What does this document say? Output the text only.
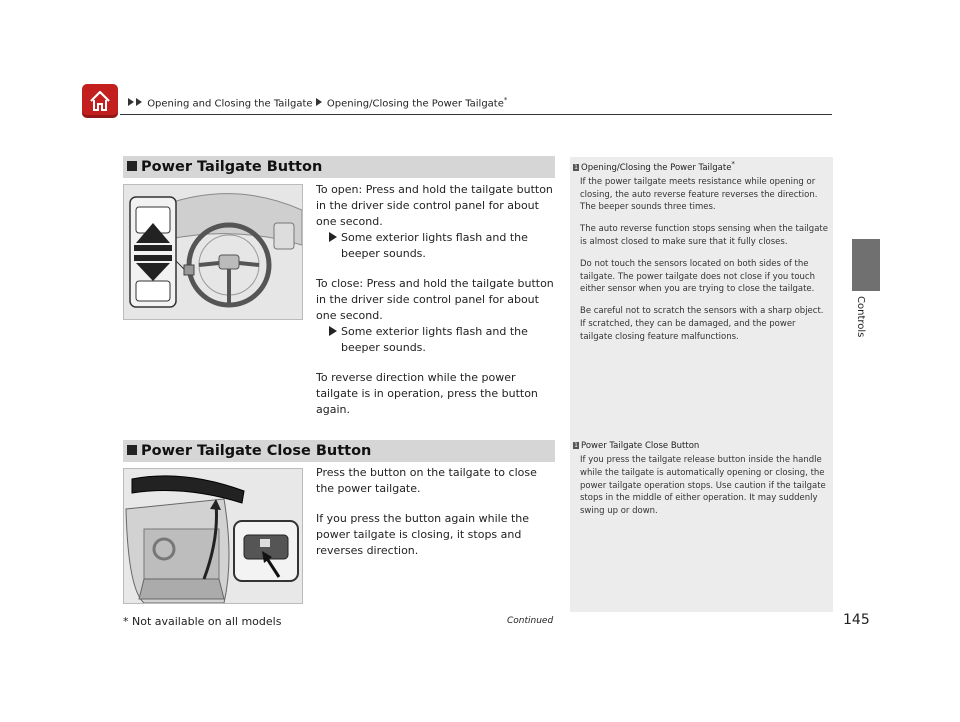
Opening and Closing the Tailgate Opening/Closing the Power Tailgate*
Controls
Power Tailgate Button
To open: Press and hold the tailgate button in the driver side control panel for about one second.
Some exterior lights flash and the beeper sounds.
To close: Press and hold the tailgate button in the driver side control panel for about one second.
Some exterior lights flash and the beeper sounds.
To reverse direction while the power tailgate is in operation, press the button again.
1 Opening/Closing the Power Tailgate*
If the power tailgate meets resistance while opening or closing, the auto reverse feature reverses the direction. The beeper sounds three times.
The auto reverse function stops sensing when the tailgate is almost closed to make sure that it fully closes.
Do not touch the sensors located on both sides of the tailgate. The power tailgate does not close if you touch either sensor when you are trying to close the tailgate.
Be careful not to scratch the sensors with a sharp object. If scratched, they can be damaged, and the power tailgate closing feature malfunctions.
Power Tailgate Close Button
Press the button on the tailgate to close the power tailgate.
If you press the button again while the power tailgate is closing, it stops and reverses direction.
1 Power Tailgate Close Button
If you press the tailgate release button inside the handle while the tailgate is automatically opening or closing, the power tailgate operation stops. Use caution if the tailgate stops in the middle of either operation. It may suddenly swing up or down.
* Not available on all models	Continued	145
